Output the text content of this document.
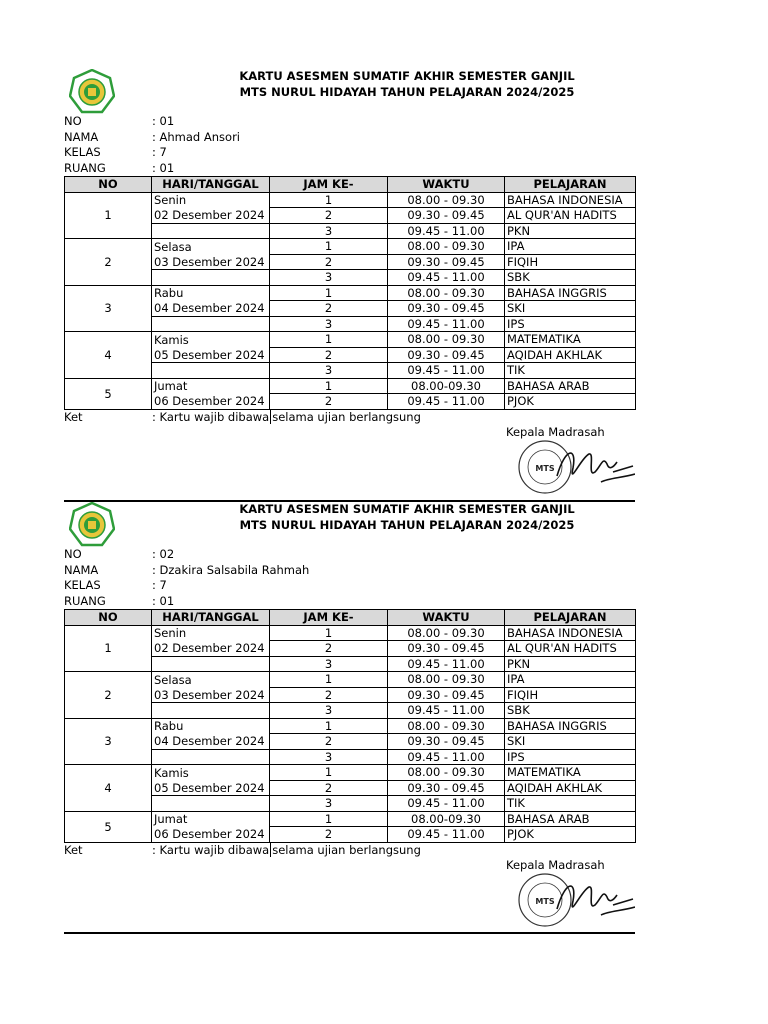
KARTU ASESMEN SUMATIF AKHIR SEMESTER GANJIL
MTS NURUL HIDAYAH TAHUN PELAJARAN 2024/2025
NO	: 01
NAMA	: Ahmad Ansori
KELAS	: 7
RUANG	: 01
NO	HARI/TANGGAL	JAM KE-	WAKTU	PELAJARAN
1	Senin	1	08.00 - 09.30	BAHASA INDONESIA
	02 Desember 2024	2	09.30 - 09.45	AL QUR'AN HADITS
		3	09.45 - 11.00	PKN
2	Selasa	1	08.00 - 09.30	IPA
	03 Desember 2024	2	09.30 - 09.45	FIQIH
		3	09.45 - 11.00	SBK
3	Rabu	1	08.00 - 09.30	BAHASA INGGRIS
	04 Desember 2024	2	09.30 - 09.45	SKI
		3	09.45 - 11.00	IPS
4	Kamis	1	08.00 - 09.30	MATEMATIKA
	05 Desember 2024	2	09.30 - 09.45	AQIDAH AKHLAK
		3	09.45 - 11.00	TIK
5	Jumat	1	08.00-09.30	BAHASA ARAB
	06 Desember 2024	2	09.45 - 11.00	PJOK
Ket	: Kartu wajib dibawa selama ujian berlangsung
Kepala Madrasah
MTS
KARTU ASESMEN SUMATIF AKHIR SEMESTER GANJIL
MTS NURUL HIDAYAH TAHUN PELAJARAN 2024/2025
NO	: 02
NAMA	: Dzakira Salsabila Rahmah
KELAS	: 7
RUANG	: 01
NO	HARI/TANGGAL	JAM KE-	WAKTU	PELAJARAN
1	Senin	1	08.00 - 09.30	BAHASA INDONESIA
	02 Desember 2024	2	09.30 - 09.45	AL QUR'AN HADITS
		3	09.45 - 11.00	PKN
2	Selasa	1	08.00 - 09.30	IPA
	03 Desember 2024	2	09.30 - 09.45	FIQIH
		3	09.45 - 11.00	SBK
3	Rabu	1	08.00 - 09.30	BAHASA INGGRIS
	04 Desember 2024	2	09.30 - 09.45	SKI
		3	09.45 - 11.00	IPS
4	Kamis	1	08.00 - 09.30	MATEMATIKA
	05 Desember 2024	2	09.30 - 09.45	AQIDAH AKHLAK
		3	09.45 - 11.00	TIK
5	Jumat	1	08.00-09.30	BAHASA ARAB
	06 Desember 2024	2	09.45 - 11.00	PJOK
Ket	: Kartu wajib dibawa selama ujian berlangsung
Kepala Madrasah
MTS
